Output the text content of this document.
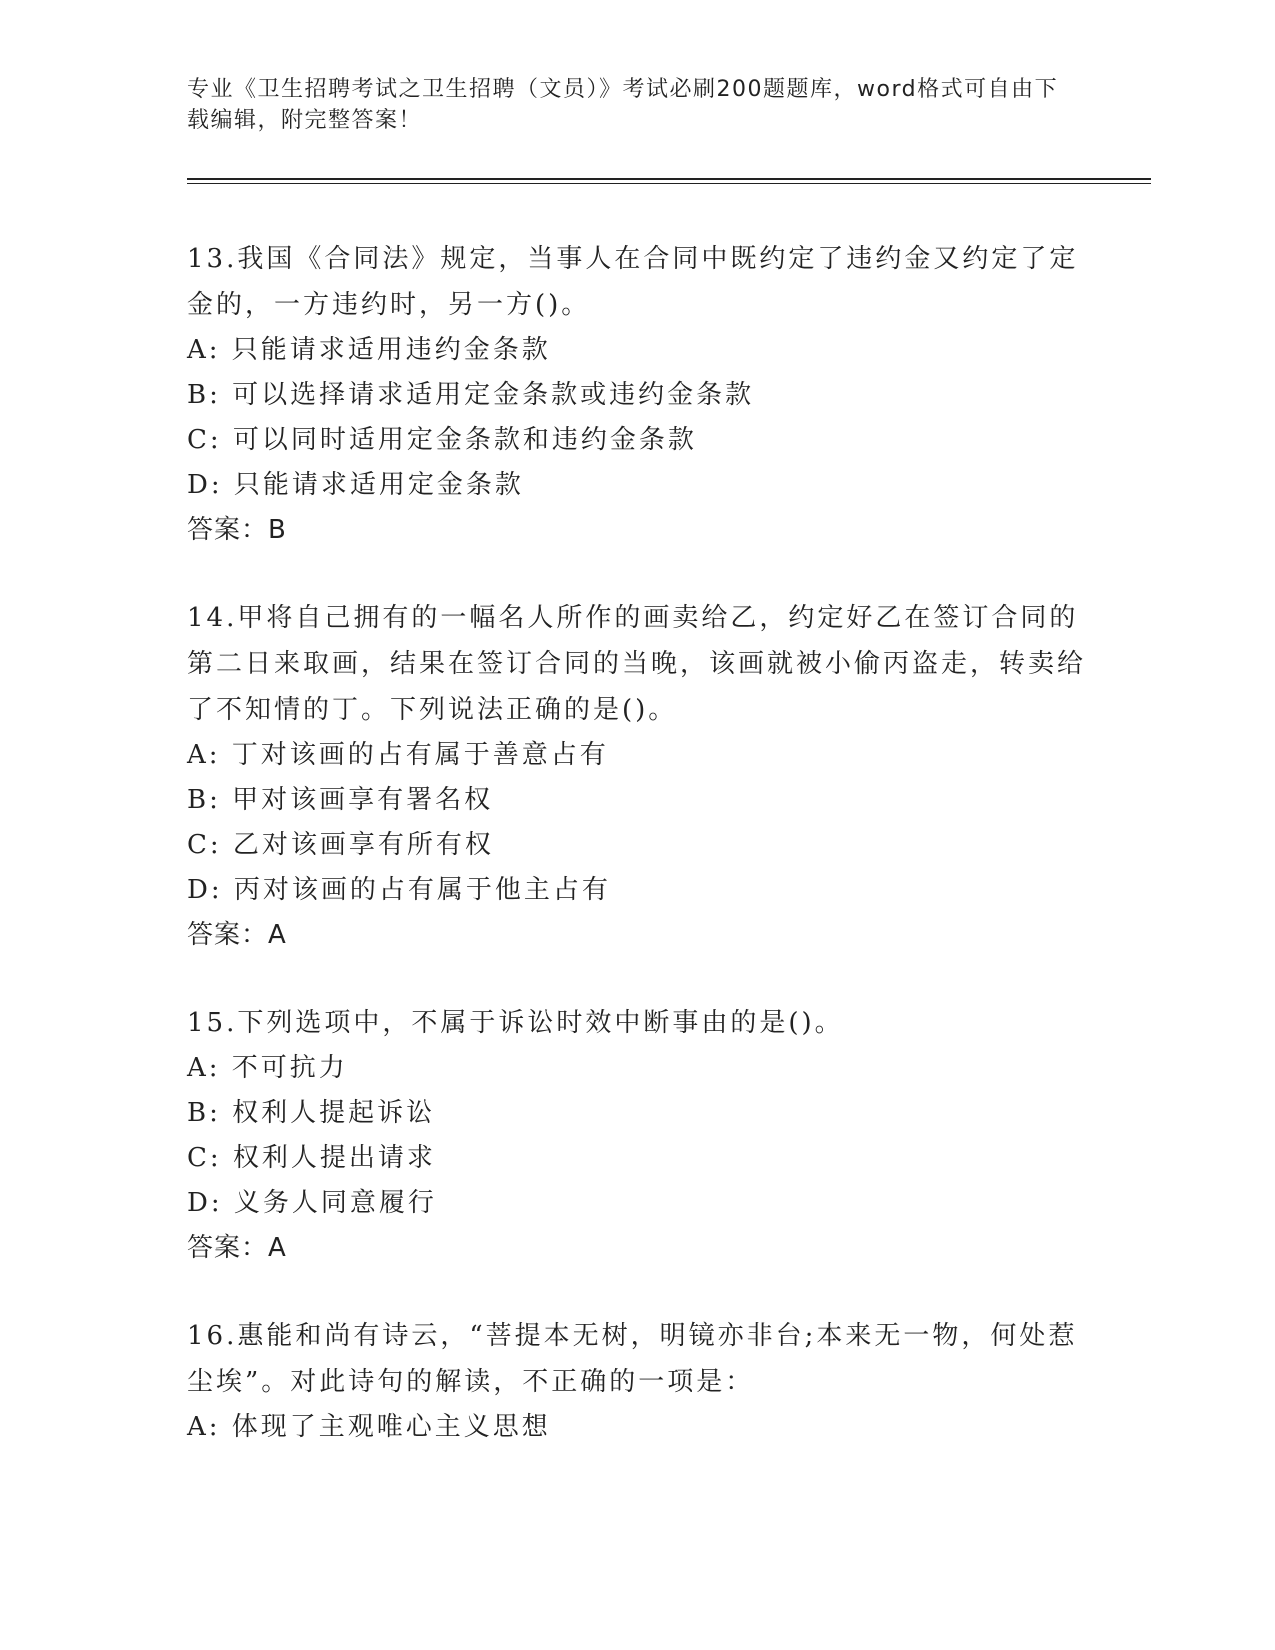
专业《卫生招聘考试之卫生招聘（文员）》考试必刷200题题库，word格式可自由下载编辑，附完整答案！

13.我国《合同法》规定，当事人在合同中既约定了违约金又约定了定金的，一方违约时，另一方()。

A: 只能请求适用违约金条款

B: 可以选择请求适用定金条款或违约金条款

C: 可以同时适用定金条款和违约金条款

D: 只能请求适用定金条款

答案：B

14.甲将自己拥有的一幅名人所作的画卖给乙，约定好乙在签订合同的第二日来取画，结果在签订合同的当晚，该画就被小偷丙盗走，转卖给了不知情的丁。下列说法正确的是()。

A: 丁对该画的占有属于善意占有

B: 甲对该画享有署名权

C: 乙对该画享有所有权

D: 丙对该画的占有属于他主占有

答案：A

15.下列选项中，不属于诉讼时效中断事由的是()。

A: 不可抗力

B: 权利人提起诉讼

C: 权利人提出请求

D: 义务人同意履行

答案：A

16.惠能和尚有诗云，“菩提本无树，明镜亦非台;本来无一物，何处惹尘埃”。对此诗句的解读，不正确的一项是：

A: 体现了主观唯心主义思想
